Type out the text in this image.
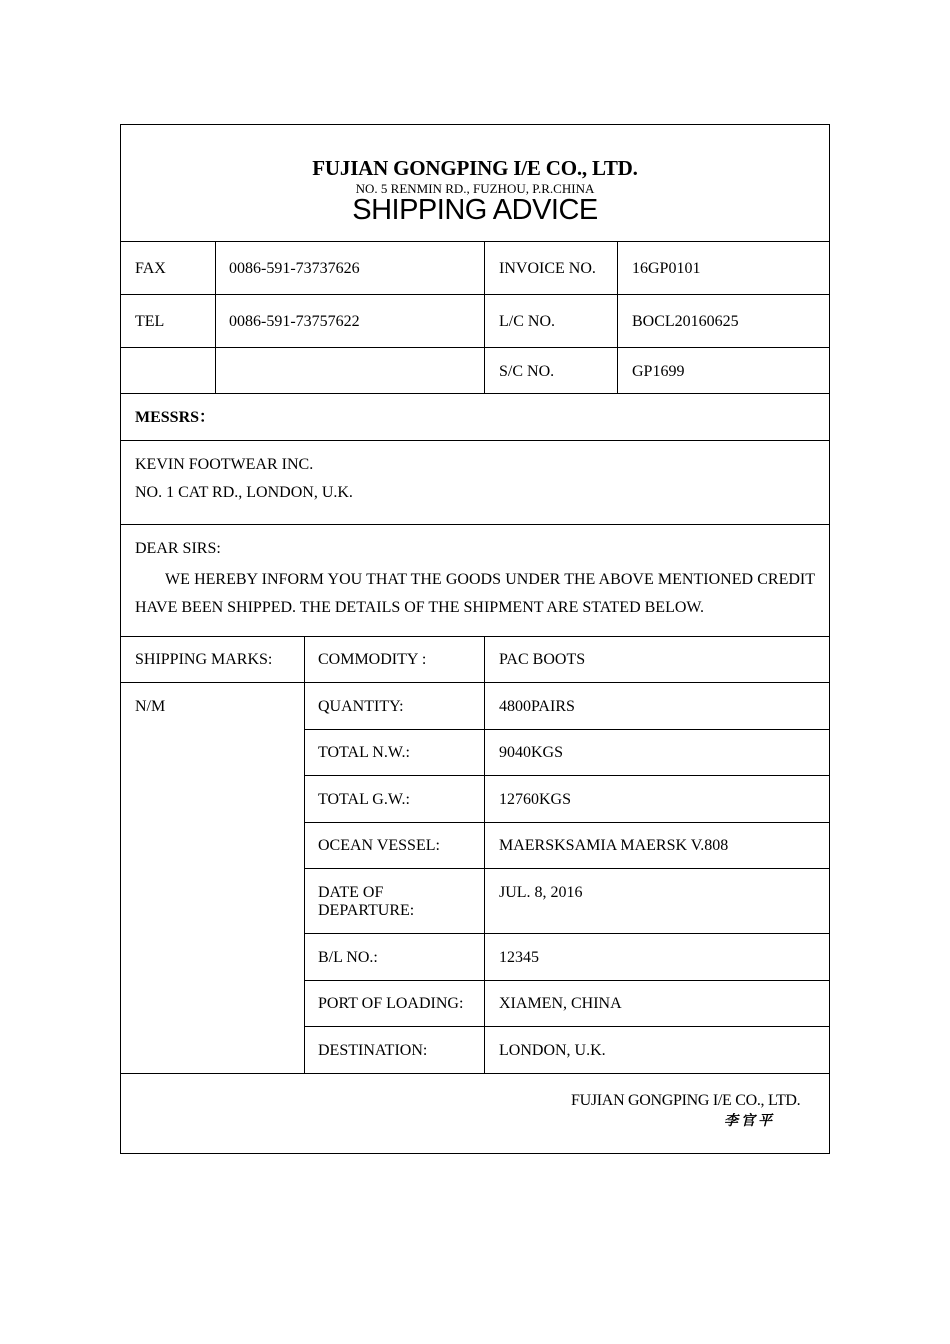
FUJIAN GONGPING I/E CO., LTD.
NO. 5 RENMIN RD., FUZHOU, P.R.CHINA
SHIPPING ADVICE
FAX	0086-591-73737626	INVOICE NO. 16GP0101
TEL	0086-591-73757622	L/C NO.	BOCL20160625
S/C NO.	GP1699
MESSRS：
KEVIN FOOTWEAR INC.
NO. 1 CAT RD., LONDON, U.K.
DEAR SIRS:
WE HEREBY INFORM YOU THAT THE GOODS UNDER THE ABOVE MENTIONED CREDIT HAVE BEEN SHIPPED. THE DETAILS OF THE SHIPMENT ARE STATED BELOW.
SHIPPING MARKS:
N/M
COMMODITY :	PAC BOOTS
QUANTITY:	4800PAIRS
TOTAL N.W.:	9040KGS
TOTAL G.W.:	12760KGS
OCEAN VESSEL:	MAERSKSAMIA MAERSK V.808
DATE OF
DEPARTURE:
JUL. 8, 2016
B/L NO.:	12345
PORT OF LOADING: XIAMEN, CHINA
DESTINATION:	LONDON, U.K.
FUJIAN GONGPING I/E CO., LTD.
李官平
